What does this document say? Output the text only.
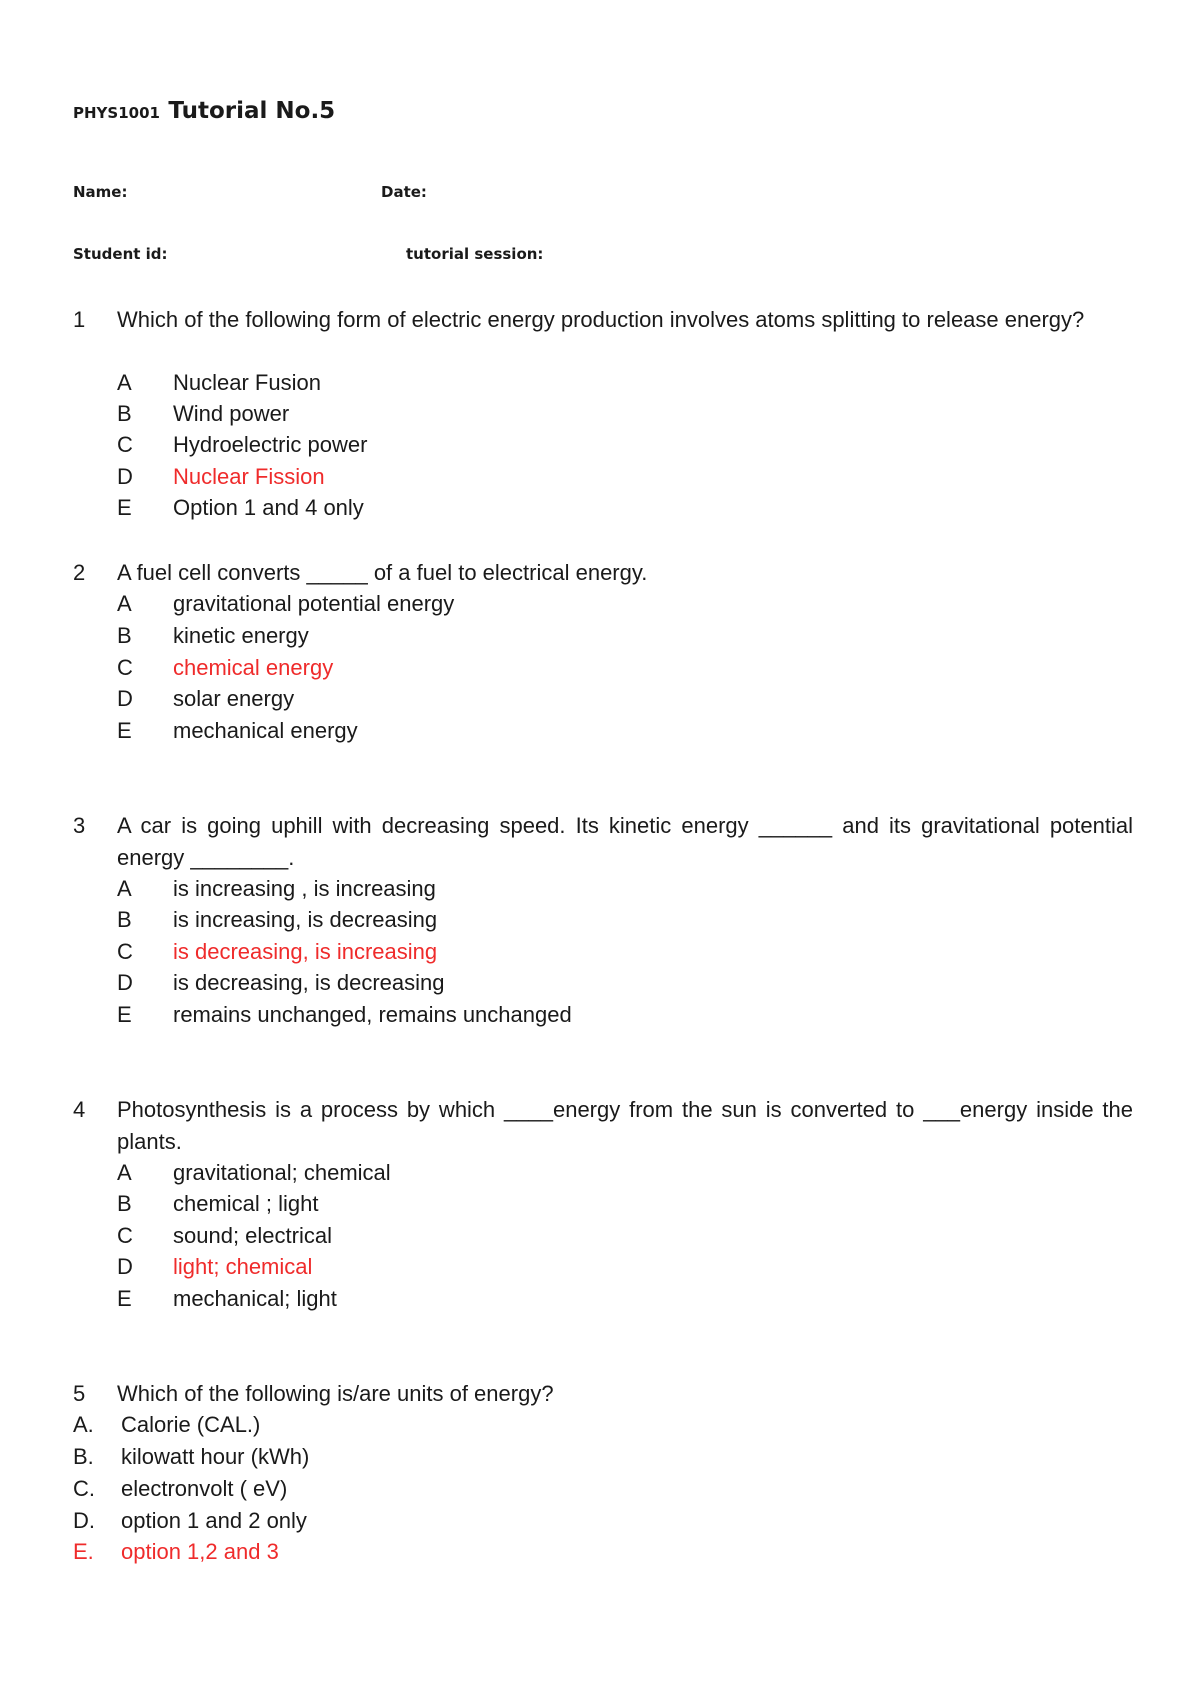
PHYS1001 Tutorial No.5
Name:	Date:
Student id:	tutorial session:
1 Which of the following form of electric energy production involves atoms splitting to release energy?
A Nuclear Fusion
B Wind power
C Hydroelectric power
D Nuclear Fission
E Option 1 and 4 only
2 A fuel cell converts _____ of a fuel to electrical energy.
A gravitational potential energy
B kinetic energy
C chemical energy
D solar energy
E mechanical energy
3 A car is going uphill with decreasing speed. Its kinetic energy ______ and its gravitational potential energy ________.
A is increasing , is increasing
B is increasing, is decreasing
C is decreasing, is increasing
D is decreasing, is decreasing
E remains unchanged, remains unchanged
4 Photosynthesis is a process by which ____energy from the sun is converted to ___energy inside the plants.
A gravitational; chemical
B chemical ; light
C sound; electrical
D light; chemical
E mechanical; light
5 Which of the following is/are units of energy?
A. Calorie (CAL.)
B. kilowatt hour (kWh)
C. electronvolt ( eV)
D. option 1 and 2 only
E. option 1,2 and 3
